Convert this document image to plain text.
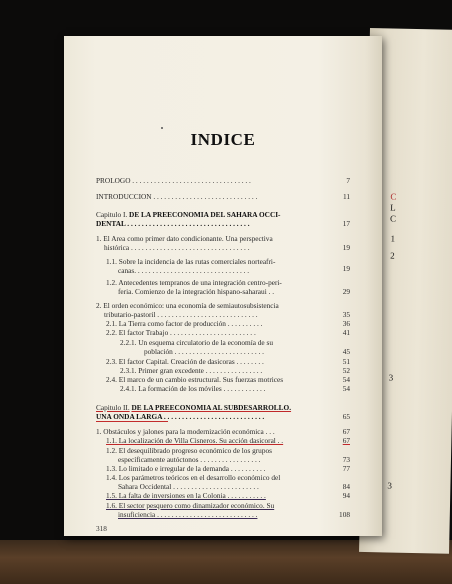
C
L
C
1
2
3
3
INDICE
PROLOGO . . . . . . . . . . . . . . . . . . . . . . . . . . . . . . . . .	7
INTRODUCCION . . . . . . . . . . . . . . . . . . . . . . . . . . . . .	11
Capitulo I. DE LA PREECONOMIA DEL SAHARA OCCI-
DENTAL . . . . . . . . . . . . . . . . . . . . . . . . . . . . . . . . . .	17
1. El Area como primer dato condicionante. Una perspectiva
histórica . . . . . . . . . . . . . . . . . . . . . . . . . . . . . . . . .	19
1.1. Sobre la incidencia de las rutas comerciales norteafri-
canas. . . . . . . . . . . . . . . . . . . . . . . . . . . . . . . .	19
1.2. Antecedentes tempranos de una integración centro-peri-
feria. Comienzo de la integración hispano-saharaui . .	29
2. El orden económico: una economía de semiautosubsistencia
tributario-pastoril . . . . . . . . . . . . . . . . . . . . . . . . . . . .	35
2.1. La Tierra como factor de producción . . . . . . . . . .	36
2.2. El factor Trabajo . . . . . . . . . . . . . . . . . . . . . . . .	41
2.2.1. Un esquema circulatorio de la economía de su
población . . . . . . . . . . . . . . . . . . . . . . . . .	45
2.3. El factor Capital. Creación de dasicoras . . . . . . . .	51
2.3.1. Primer gran excedente . . . . . . . . . . . . . . . .	52
2.4. El marco de un cambio estructural. Sus fuerzas motrices	54
2.4.1. La formación de los móviles . . . . . . . . . . . .	54
Capitulo II. DE LA PREECONOMIA AL SUBDESARROLLO.
UNA ONDA LARGA . . . . . . . . . . . . . . . . . . . . . . . . . . . .	65
1. Obstáculos y jalones para la modernización económica . . .	67
1.1. La localización de Villa Cisneros. Su acción dasicoral . .	67
1.2. El desequilibrado progreso económico de los grupos
específicamente autóctonos . . . . . . . . . . . . . . . . .	73
1.3. Lo limitado e irregular de la demanda . . . . . . . . . .	77
1.4. Los parámetros teóricos en el desarrollo económico del
Sahara Occidental . . . . . . . . . . . . . . . . . . . . . . . .	84
1.5. La falta de inversiones en la Colonia . . . . . . . . . . .	94
1.6. El sector pesquero como dinamizador económico. Su
insuficiencia . . . . . . . . . . . . . . . . . . . . . . . . . . . .	108
318
